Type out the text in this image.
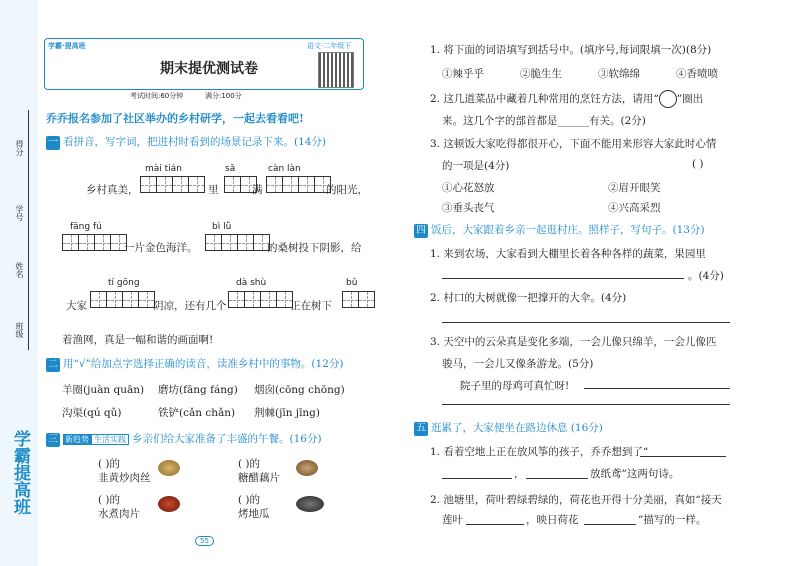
得分
学号
姓名
班级
学霸提高班
学霸·提高班	语文·二年级下
期末提优测试卷
考试时间:60分钟	满分:100分
乔乔报名参加了社区举办的乡村研学，一起去看看吧!
一 看拼音，写字词，把进村时看到的场景记录下来。(14分)
mài tián	sǎ	càn làn
乡村真美，	里	满	的阳光，
fāng fú	bì lǜ
一片金色海洋。	的桑树投下阴影，给
tí gōng	dà shù	bǔ
大家	阴凉，还有几个	正在树下
着渔网，真是一幅和谐的画面啊!
二 用“√”给加点字选择正确的读音，读准乡村中的事物。(12分)
羊圈(juàn quān) 磨坊(fāng fáng) 烟囱(cōng chōng)
沟渠(qú qǔ)	铁铲(cǎn chǎn) 荆棘(jīn jīng)
三 新趋势 生活实践 乡亲们给大家准备了丰盛的午餐。(16分)
( )的
韭黄炒肉丝
( )的
糖醋藕片
( )的
水煮肉片
( )的
烤地瓜
55
1. 将下面的词语填写到括号中。(填序号,每词限填一次)(8分)
①辣乎乎	②脆生生	③软绵绵	④香喷喷
2. 这几道菜品中藏着几种常用的烹饪方法，请用“ ”圈出
来。这几个字的部首都是______有关。(2分)
3. 这顿饭大家吃得都很开心，下面不能用来形容大家此时心情
的一项是(4分)	( )
①心花怒放	②眉开眼笑
③垂头丧气	④兴高采烈
四 饭后，大家跟着乡亲一起逛村庄。照样子，写句子。(13分)
1. 来到农场，大家看到大棚里长着各种各样的蔬菜，果园里
。(4分)
2. 村口的大树就像一把撑开的大伞。(4分)
3. 天空中的云朵真是变化多端，一会儿像只绵羊，一会儿像匹
骏马，一会儿又像条游龙。(5分)
院子里的母鸡可真忙呀!
五 逛累了，大家便坐在路边休息 (16分)
1. 看着空地上正在放风筝的孩子，乔乔想到了“
，	放纸鸢”这两句诗。
2. 池塘里，荷叶碧绿碧绿的，荷花也开得十分美丽，真如“接天
莲叶	，映日荷花	”描写的一样。
